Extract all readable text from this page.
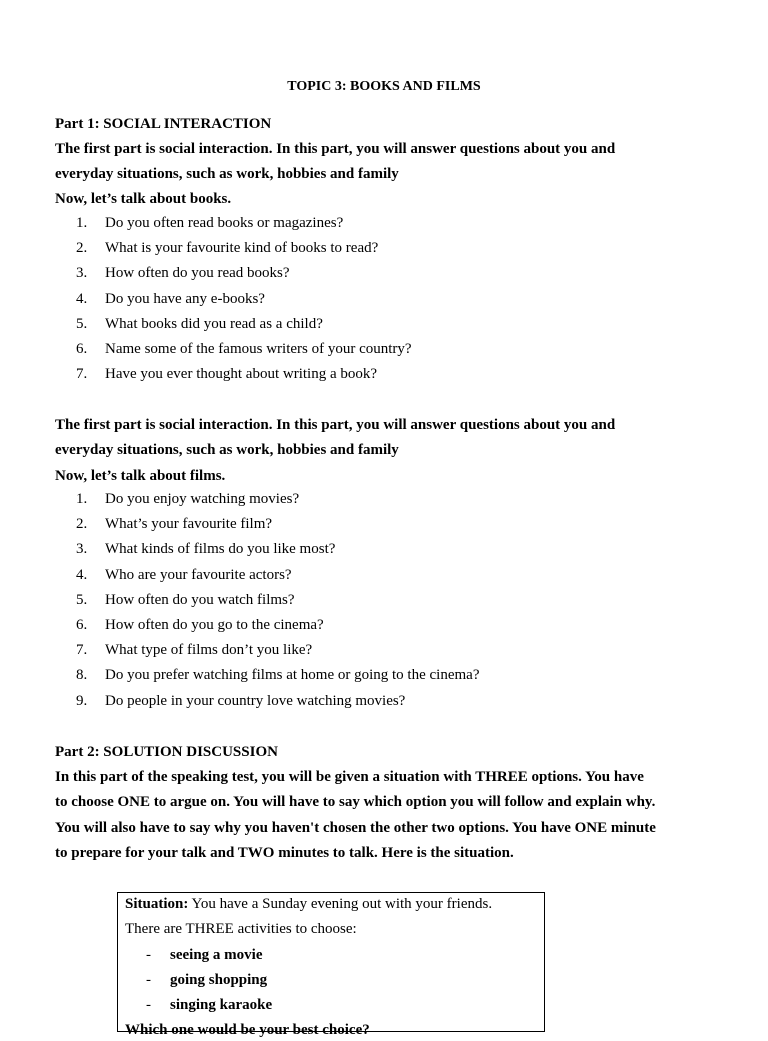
TOPIC 3: BOOKS AND FILMS
Part 1: SOCIAL INTERACTION
The first part is social interaction. In this part, you will answer questions about you and
everyday situations, such as work, hobbies and family
Now, let’s talk about books.
1. Do you often read books or magazines?
2. What is your favourite kind of books to read?
3. How often do you read books?
4. Do you have any e-books?
5. What books did you read as a child?
6. Name some of the famous writers of your country?
7. Have you ever thought about writing a book?
The first part is social interaction. In this part, you will answer questions about you and
everyday situations, such as work, hobbies and family
Now, let’s talk about films.
1. Do you enjoy watching movies?
2. What’s your favourite film?
3. What kinds of films do you like most?
4. Who are your favourite actors?
5. How often do you watch films?
6. How often do you go to the cinema?
7. What type of films don’t you like?
8. Do you prefer watching films at home or going to the cinema?
9. Do people in your country love watching movies?
Part 2: SOLUTION DISCUSSION
In this part of the speaking test, you will be given a situation with THREE options. You have
to choose ONE to argue on. You will have to say which option you will follow and explain why.
You will also have to say why you haven't chosen the other two options. You have ONE minute
to prepare for your talk and TWO minutes to talk. Here is the situation.
Situation: You have a Sunday evening out with your friends.
There are THREE activities to choose:
- seeing a movie
- going shopping
- singing karaoke
Which one would be your best choice?
